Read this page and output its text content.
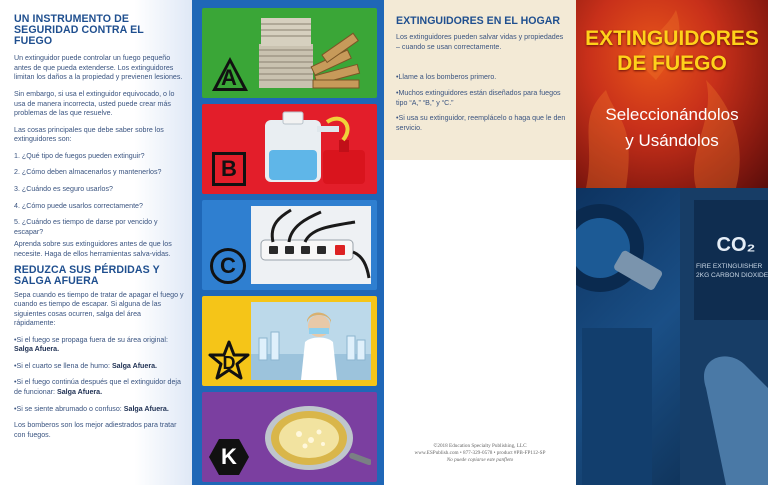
UN INSTRUMENTO DE SEGURIDAD CONTRA EL FUEGO

Un extinguidor puede controlar un fuego pequeño antes de que pueda extenderse. Los extinguidores limitan los daños a la propiedad y previenen lesiones.

Sin embargo, si usa el extinguidor equivocado, o lo usa de manera incorrecta, usted puede crear más problemas de las que resuelve.

Las cosas principales que debe saber sobre los extinguidores son:

1. ¿Qué tipo de fuegos pueden extinguir?

2. ¿Cómo deben almacenarlos y mantenerlos?

3. ¿Cuándo es seguro usarlos?

4. ¿Cómo puede usarlos correctamente?

5. ¿Cuándo es tiempo de darse por vencido y escapar?

Aprenda sobre sus extinguidores antes de que los necesite. Haga de ellos herramientas salva-vidas.

REDUZCA SUS PÉRDIDAS Y SALGA AFUERA

Sepa cuando es tiempo de tratar de apagar el fuego y cuando es tiempo de escapar. Si alguna de las siguientes cosas ocurren, salga del área rápidamente:

•Si el fuego se propaga fuera de su área original: Salga Afuera.

•Si el cuarto se llena de humo: Salga Afuera.

•Si el fuego continúa después que el extinguidor deja de funcionar: Salga Afuera.

•Si se siente abrumado o confuso: Salga Afuera.

Los bomberos son los mejor adiestrados para tratar con fuegos.

A
B
C
D
K
EXTINGUIDORES EN EL HOGAR

Los extinguidores pueden salvar vidas y propiedades – cuando se usan correctamente.

•Llame a los bomberos primero.

•Muchos extinguidores están diseñados para fuegos tipo “A,” “B,” y “C.”

•Si usa su extinguidor, reemplácelo o haga que le den servicio.

©2018 Education Specialty Publishing, LLC
www.ESPublish.com • 877-329-0578 • product #PB-FP112-SP
No puede copiarse este panfleto
EXTINGUIDORES
DE FUEGO
Seleccionándolos
y Usándolos
CO₂
FIRE EXTINGUISHER
2KG CARBON DIOXIDE
